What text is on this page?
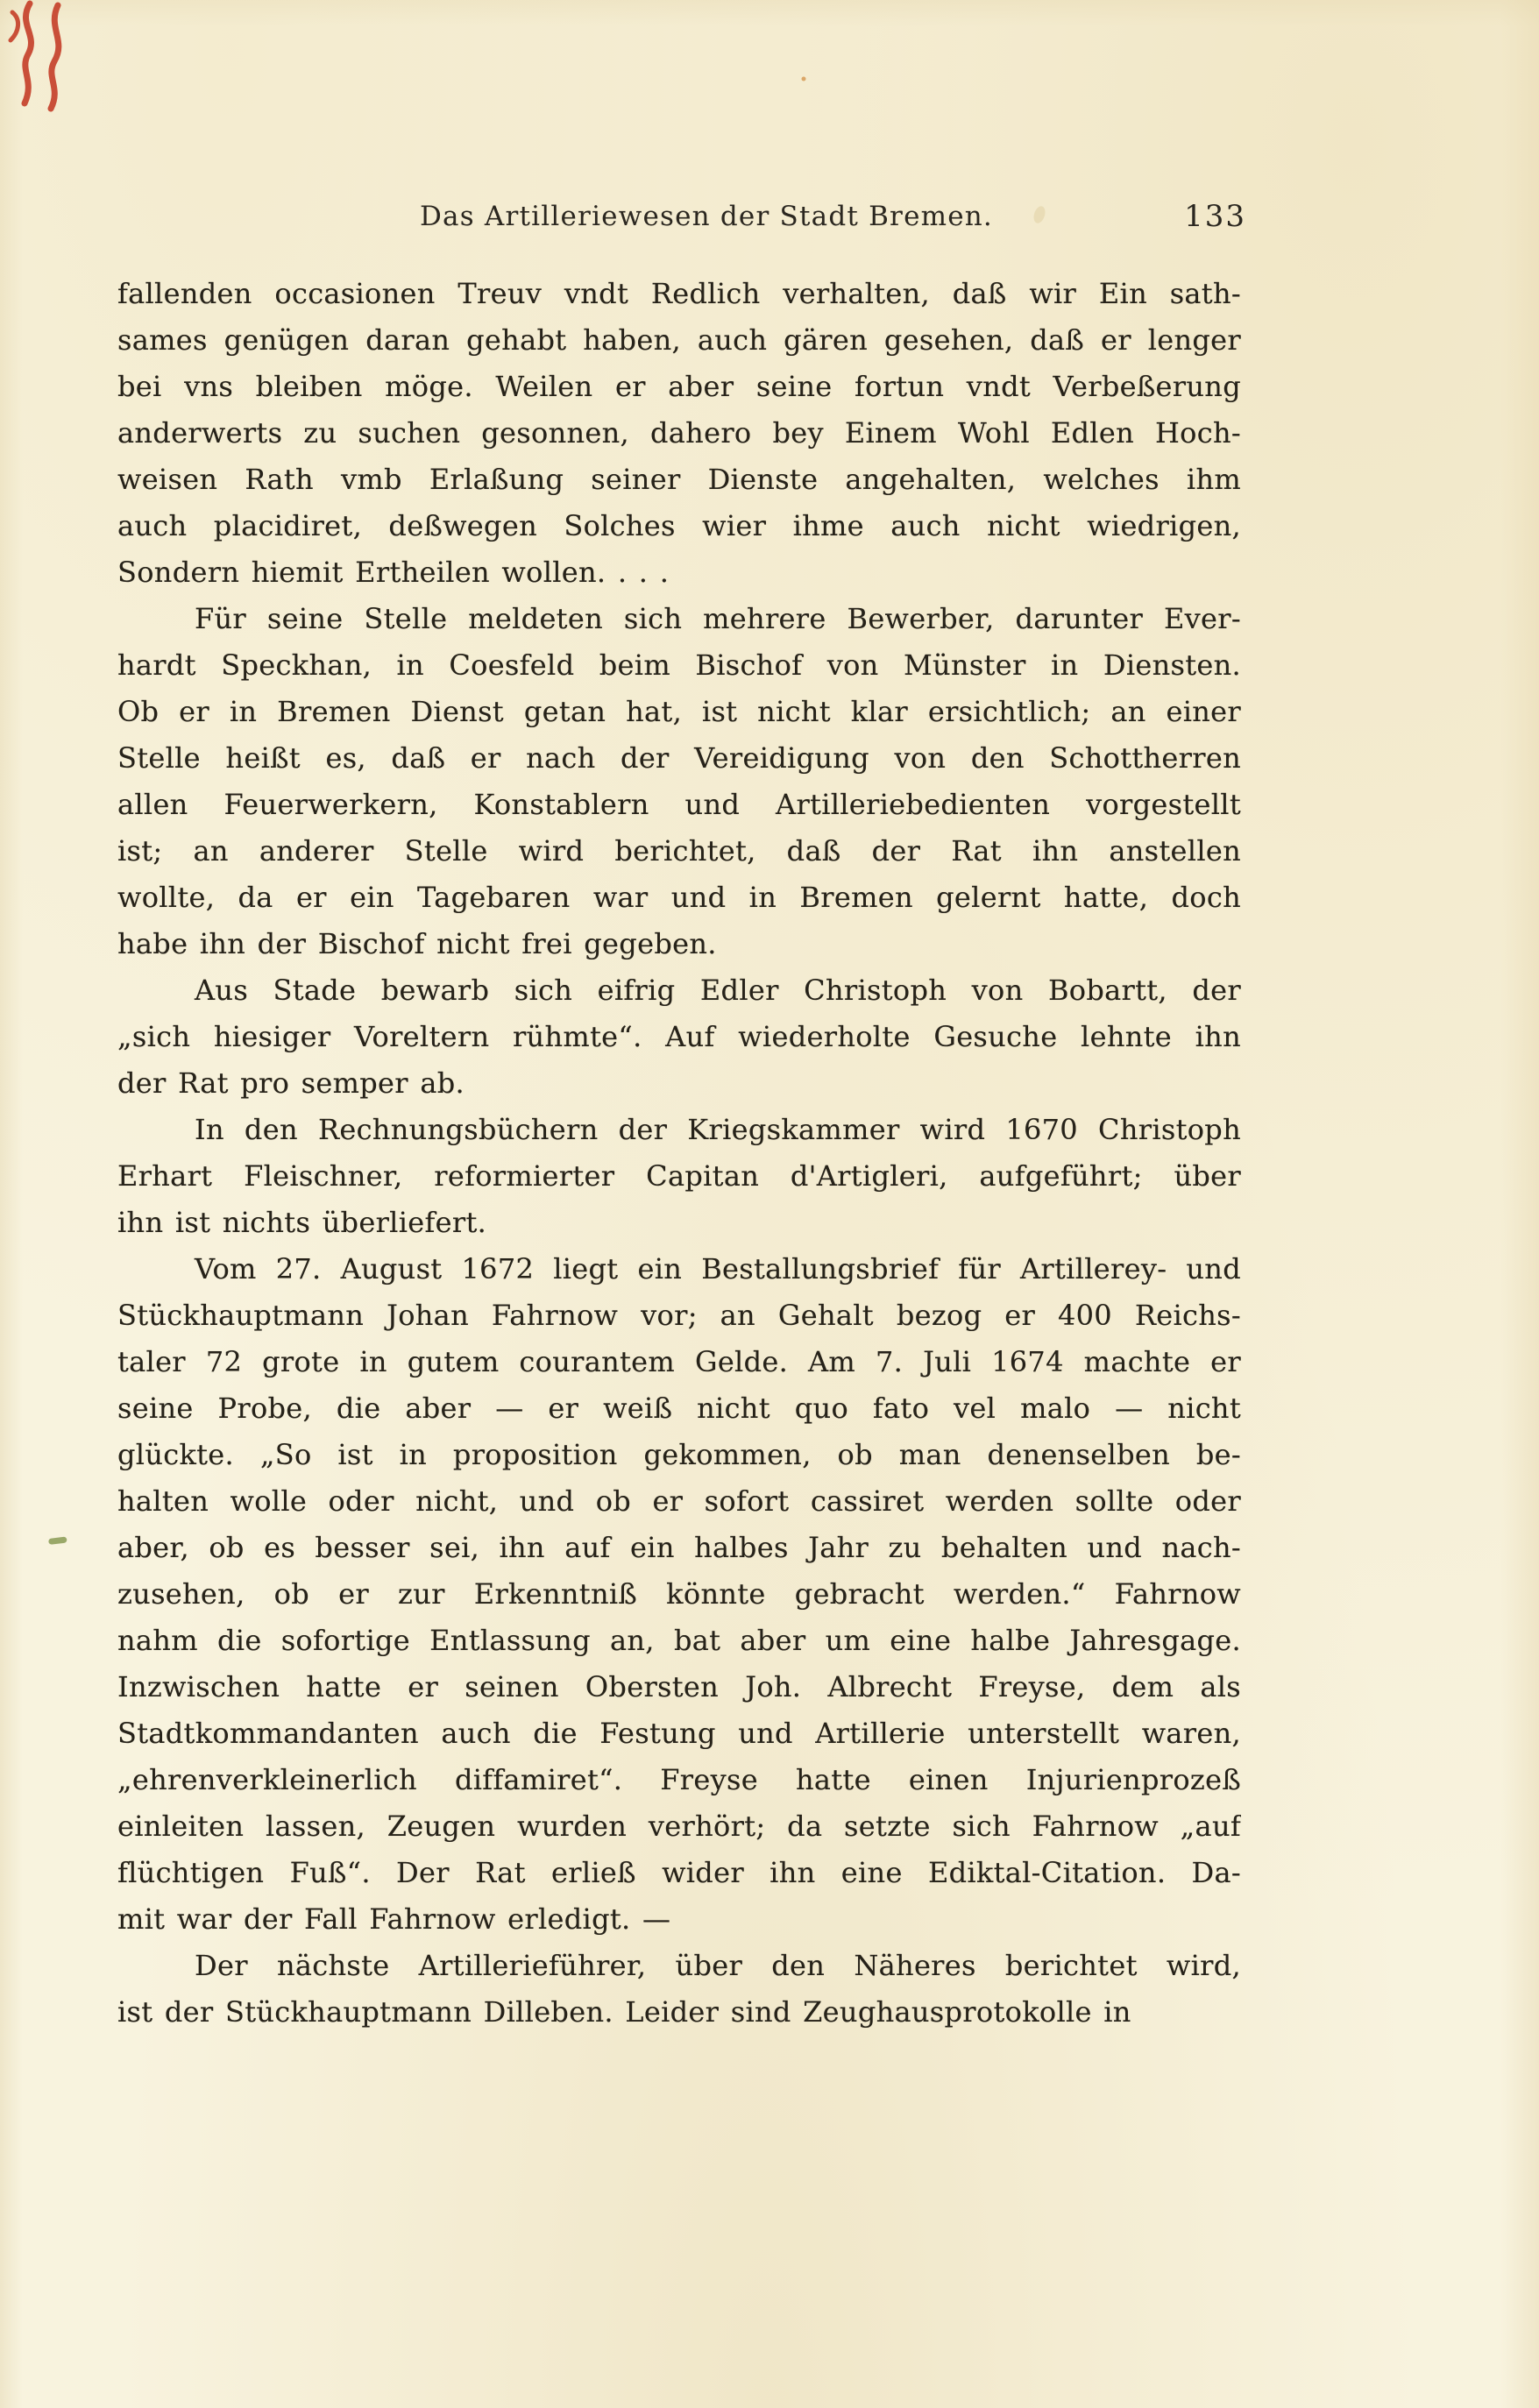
Das Artilleriewesen der Stadt Bremen.	133
fallenden occasionen Treuv vndt Redlich verhalten, daß wir Ein sath-
sames genügen daran gehabt haben, auch gären gesehen, daß er lenger
bei vns bleiben möge. Weilen er aber seine fortun vndt Verbeßerung
anderwerts zu suchen gesonnen, dahero bey Einem Wohl Edlen Hoch-
weisen Rath vmb Erlaßung seiner Dienste angehalten, welches ihm
auch placidiret, deßwegen Solches wier ihme auch nicht wiedrigen,
Sondern hiemit Ertheilen wollen. . . .
Für seine Stelle meldeten sich mehrere Bewerber, darunter Ever-
hardt Speckhan, in Coesfeld beim Bischof von Münster in Diensten.
Ob er in Bremen Dienst getan hat, ist nicht klar ersichtlich; an einer
Stelle heißt es, daß er nach der Vereidigung von den Schottherren
allen Feuerwerkern, Konstablern und Artilleriebedienten vorgestellt
ist; an anderer Stelle wird berichtet, daß der Rat ihn anstellen
wollte, da er ein Tagebaren war und in Bremen gelernt hatte, doch
habe ihn der Bischof nicht frei gegeben.
Aus Stade bewarb sich eifrig Edler Christoph von Bobartt, der
„sich hiesiger Voreltern rühmte“. Auf wiederholte Gesuche lehnte ihn
der Rat pro semper ab.
In den Rechnungsbüchern der Kriegskammer wird 1670 Christoph
Erhart Fleischner, reformierter Capitan d'Artigleri, aufgeführt; über
ihn ist nichts überliefert.
Vom 27. August 1672 liegt ein Bestallungsbrief für Artillerey- und
Stückhauptmann Johan Fahrnow vor; an Gehalt bezog er 400 Reichs-
taler 72 grote in gutem courantem Gelde. Am 7. Juli 1674 machte er
seine Probe, die aber — er weiß nicht quo fato vel malo — nicht
glückte. „So ist in proposition gekommen, ob man denenselben be-
halten wolle oder nicht, und ob er sofort cassiret werden sollte oder
aber, ob es besser sei, ihn auf ein halbes Jahr zu behalten und nach-
zusehen, ob er zur Erkenntniß könnte gebracht werden.“ Fahrnow
nahm die sofortige Entlassung an, bat aber um eine halbe Jahresgage.
Inzwischen hatte er seinen Obersten Joh. Albrecht Freyse, dem als
Stadtkommandanten auch die Festung und Artillerie unterstellt waren,
„ehrenverkleinerlich diffamiret“. Freyse hatte einen Injurienprozeß
einleiten lassen, Zeugen wurden verhört; da setzte sich Fahrnow „auf
flüchtigen Fuß“. Der Rat erließ wider ihn eine Ediktal-Citation. Da-
mit war der Fall Fahrnow erledigt. —
Der nächste Artillerieführer, über den Näheres berichtet wird,
ist der Stückhauptmann Dilleben. Leider sind Zeughausprotokolle in
